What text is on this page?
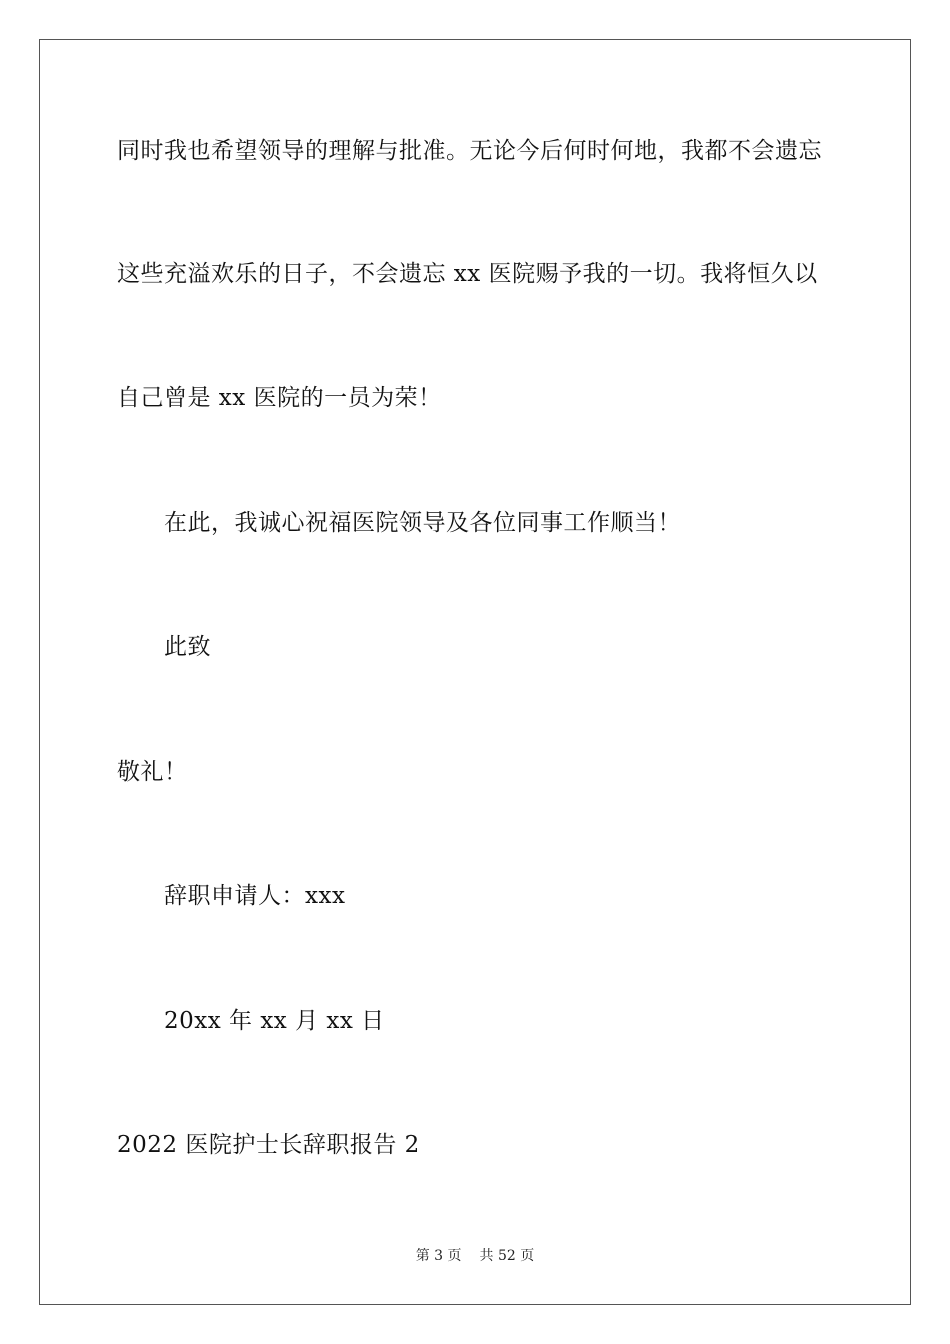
同时我也希望领导的理解与批准。无论今后何时何地，我都不会遗忘
这些充溢欢乐的日子，不会遗忘 xx 医院赐予我的一切。我将恒久以
自己曾是 xx 医院的一员为荣！
在此，我诚心祝福医院领导及各位同事工作顺当！
此致
敬礼！
辞职申请人：xxx
20xx 年 xx 月 xx 日
2022 医院护士长辞职报告 2
第 3 页 共 52 页
